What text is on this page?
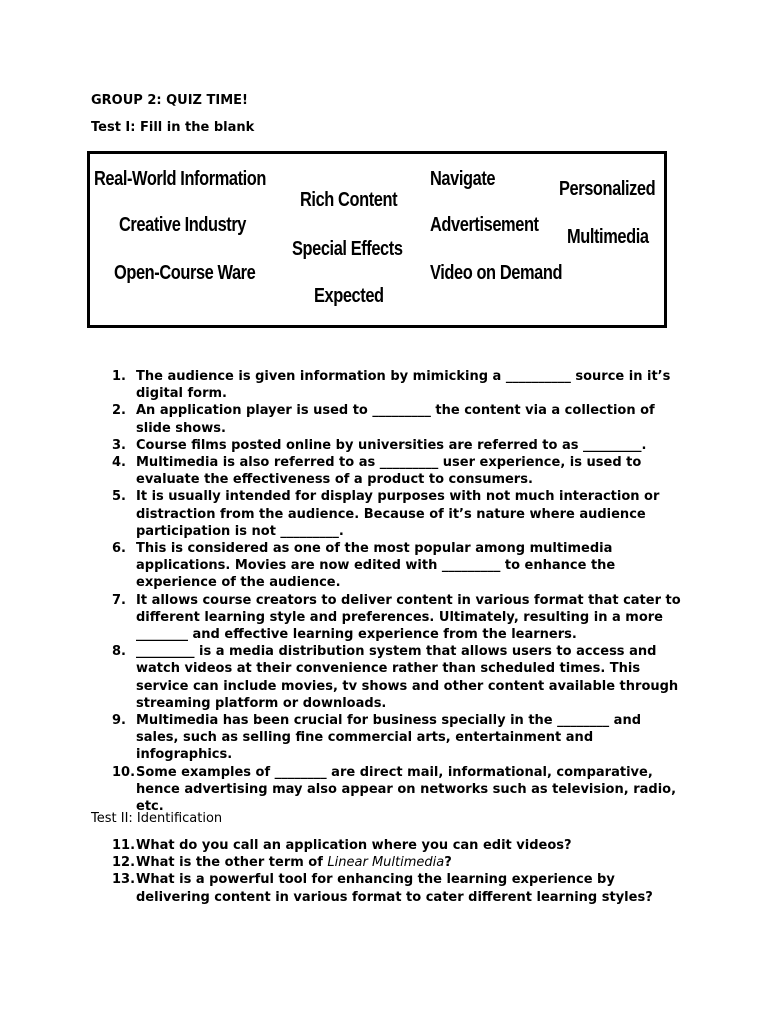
GROUP 2: QUIZ TIME!
Test I: Fill in the blank
Real-World Information
Creative Industry
Open-Course Ware
Rich Content
Special Effects
Expected
Navigate
Advertisement
Video on Demand
Personalized
Multimedia
1. The audience is given information by mimicking a __________ source in it’s digital form.
2. An application player is used to _________ the content via a collection of slide shows.
3. Course films posted online by universities are referred to as _________.
4. Multimedia is also referred to as _________ user experience, is used to evaluate the effectiveness of a product to consumers.
5. It is usually intended for display purposes with not much interaction or distraction from the audience. Because of it’s nature where audience participation is not _________.
6. This is considered as one of the most popular among multimedia applications. Movies are now edited with _________ to enhance the experience of the audience.
7. It allows course creators to deliver content in various format that cater to different learning style and preferences. Ultimately, resulting in a more ________ and effective learning experience from the learners.
8. _________ is a media distribution system that allows users to access and watch videos at their convenience rather than scheduled times. This service can include movies, tv shows and other content available through streaming platform or downloads.
9. Multimedia has been crucial for business specially in the ________ and sales, such as selling fine commercial arts, entertainment and infographics.
10. Some examples of ________ are direct mail, informational, comparative, hence advertising may also appear on networks such as television, radio, etc.
Test II: Identification
11. What do you call an application where you can edit videos?
12. What is the other term of Linear Multimedia?
13. What is a powerful tool for enhancing the learning experience by delivering content in various format to cater different learning styles?
